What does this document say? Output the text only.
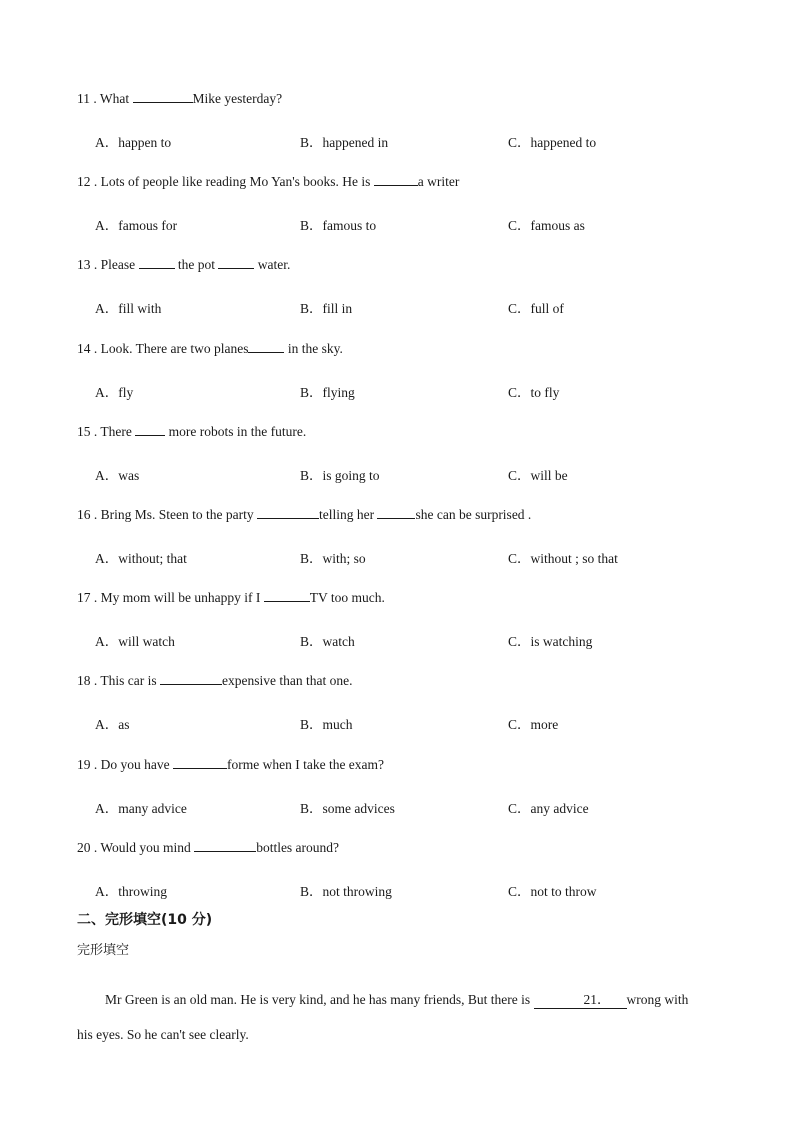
11 . What	Mike yesterday?
A．happen to	B．happened in	C．happened to
12 . Lots of people like reading Mo Yan's books. He is	a writer
A．famous for	B．famous to	C．famous as
13 . Please	the pot	water.
A．fill with	B．fill in	C．full of
14 . Look. There are two planes	in the sky.
A．fly	B．flying	C．to fly
15 . There  more robots in the future.
A．was	B．is going to	C．will be
16 . Bring Ms. Steen to the party	telling her	she can be surprised .
A．without; that	B．with; so	C．without ; so that
17 . My mom will be unhappy if I	TV too much.
A．will watch	B．watch	C．is watching
18 . This car is	expensive than that one.
A．as	B．much	C．more
19 . Do you have	forme when I take the exam?
A．many advice	B．some advices	C．any advice
20 . Would you mind	bottles around?
A．throwing	B．not throwing	C．not to throw
二、完形填空(10 分)
完形填空
Mr Green is an old man. He is very kind, and he has many friends, But there is	21． wrong with his eyes. So he can't see clearly.
